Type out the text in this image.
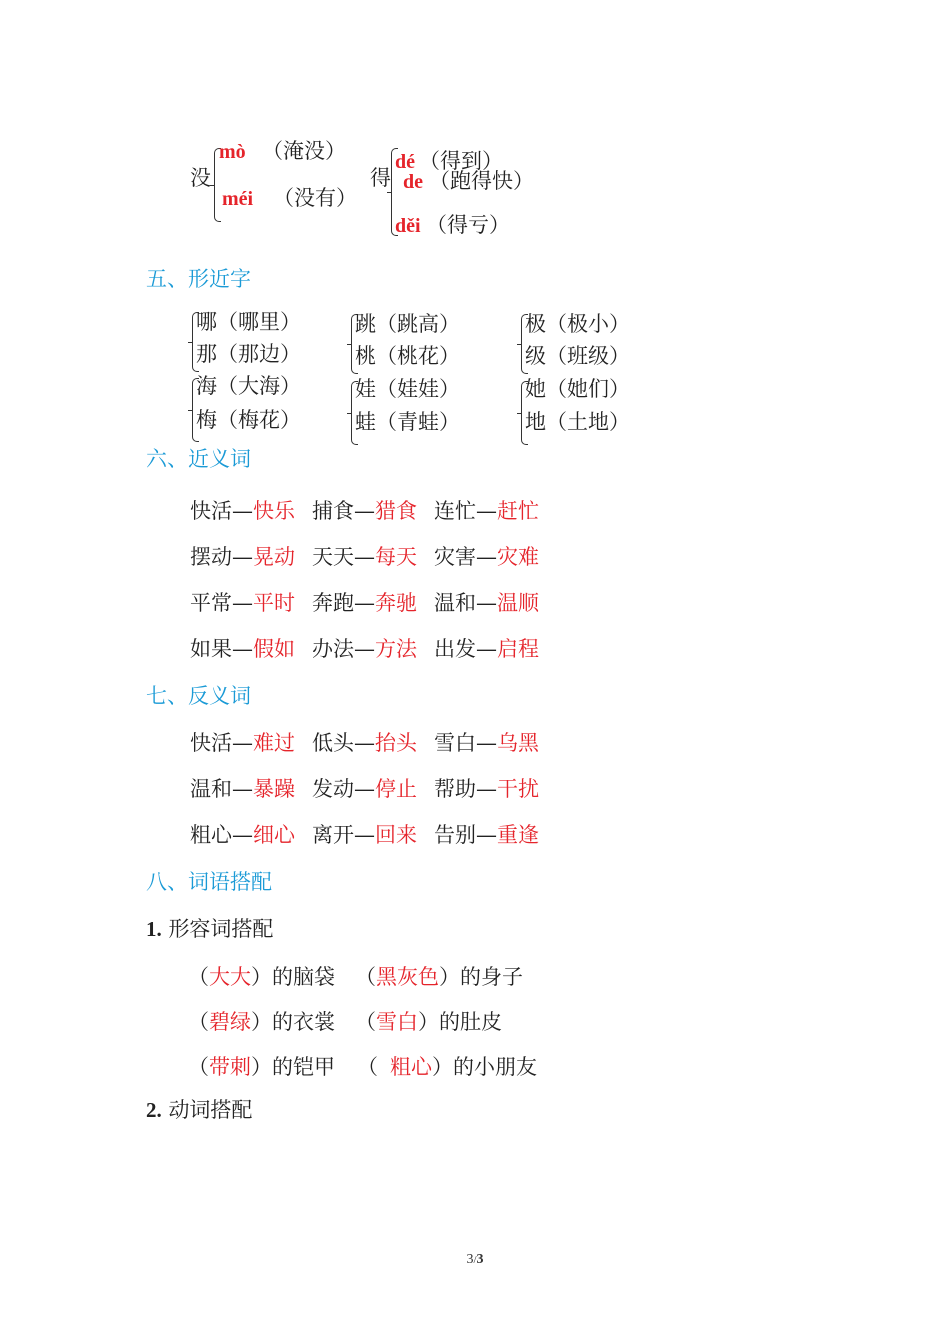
没
mò （淹没）
méi （没有）
得
dé （得到）
de （跑得快）
děi （得亏）
五、形近字
哪（哪里）
那（那边）
跳（跳高）
桃（桃花）
极（极小）
级（班级）
海（大海）
梅（梅花）
娃（娃娃）
蛙（青蛙）
她（她们）
地（土地）
六、近义词
快活—快乐 捕食—猎食 连忙—赶忙
摆动—晃动 天天—每天 灾害—灾难
平常—平时 奔跑—奔驰 温和—温顺
如果—假如 办法—方法 出发—启程
七、反义词
快活—难过 低头—抬头 雪白—乌黑
温和—暴躁 发动—停止 帮助—干扰
粗心—细心 离开—回来 告别—重逢
八、词语搭配
1. 形容词搭配
（大大）的脑袋 （黑灰色）的身子
（碧绿）的衣裳 （雪白）的肚皮
（带刺）的铠甲 （ 粗心）的小朋友
2. 动词搭配
3/3
